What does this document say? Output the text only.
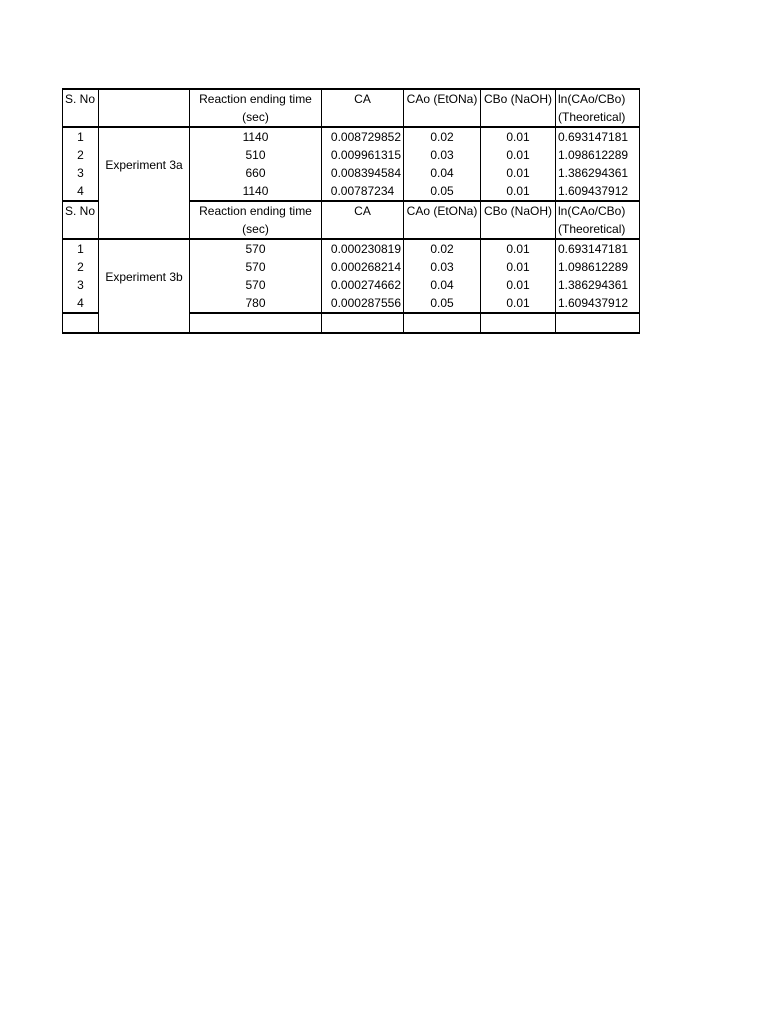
S. No		Reaction ending time	CA	CAo (EtONa)	CBo (NaOH)	ln(CAo/CBo)
		(sec)				(Theoretical)
1	Experiment 3a	1140	0.008729852	0.02	0.01	0.693147181
2		510	0.009961315	0.03	0.01	1.098612289
3		660	0.008394584	0.04	0.01	1.386294361
4		1140	0.00787234	0.05	0.01	1.609437912
S. No		Reaction ending time	CA	CAo (EtONa)	CBo (NaOH)	ln(CAo/CBo)
		(sec)				(Theoretical)
1	Experiment 3b	570	0.000230819	0.02	0.01	0.693147181
2		570	0.000268214	0.03	0.01	1.098612289
3		570	0.000274662	0.04	0.01	1.386294361
4		780	0.000287556	0.05	0.01	1.609437912
